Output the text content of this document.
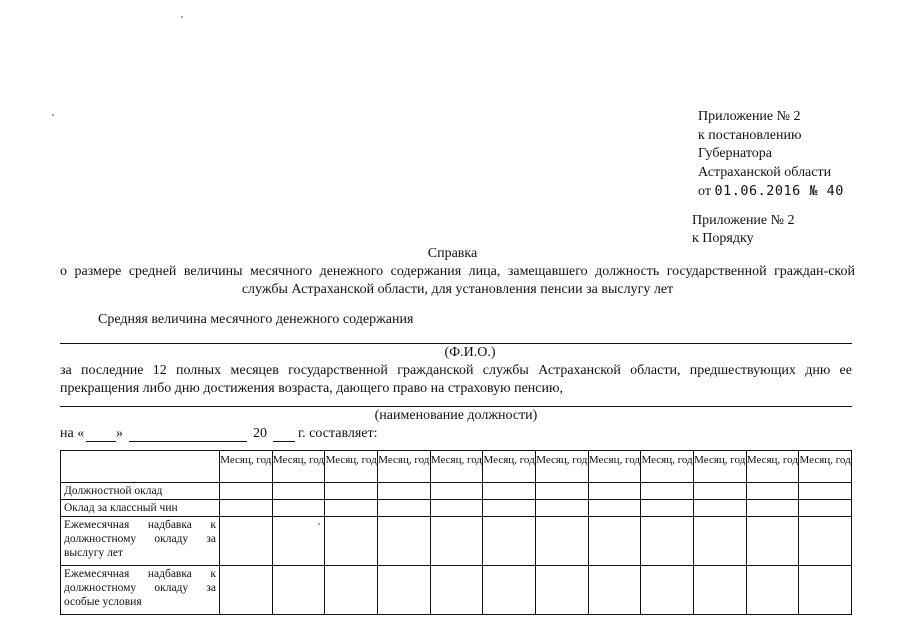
Приложение № 2
к постановлению
Губернатора
Астраханской области
от 01.06.2016 № 40
Приложение № 2
к Порядку
Справка
о размере средней величины месячного денежного содержания лица, замещавшего должность государственной граждан-ской службы Астраханской области, для установления пенсии за выслугу лет
Средняя величина месячного денежного содержания
(Ф.И.О.)
за последние 12 полных месяцев государственной гражданской службы Астраханской области, предшествующих дню ее прекращения либо дню достижения возраста, дающего право на страховую пенсию,
(наименование должности)
на « »	20 г. составляет:
	Месяц, год	Месяц, год	Месяц, год	Месяц, год	Месяц, год	Месяц, год	Месяц, год	Месяц, год	Месяц, год	Месяц, год	Месяц, год	Месяц, год
Должностной оклад												
Оклад за классный чин												
Ежемесячная надбавка к должностному окладу за выслугу лет												
Ежемесячная надбавка к должностному окладу за особые условия												
